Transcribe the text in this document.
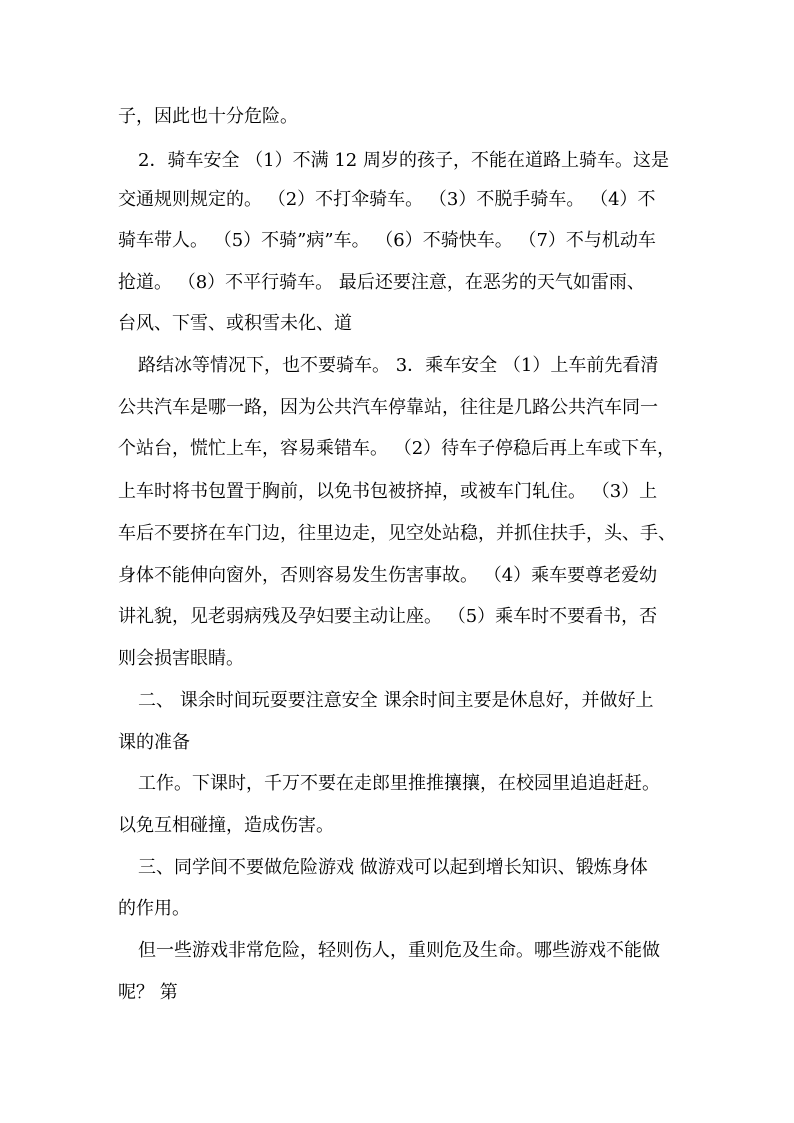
子，因此也十分危险。
2．骑车安全 （1）不满 12 周岁的孩子，不能在道路上骑车。这是
交通规则规定的。 （2）不打伞骑车。 （3）不脱手骑车。 （4）不
骑车带人。 （5）不骑”病”车。 （6）不骑快车。 （7）不与机动车
抢道。 （8）不平行骑车。 最后还要注意，在恶劣的天气如雷雨、
台风、下雪、或积雪未化、道
路结冰等情况下，也不要骑车。 3．乘车安全 （1）上车前先看清
公共汽车是哪一路，因为公共汽车停靠站，往往是几路公共汽车同一
个站台，慌忙上车，容易乘错车。 （2）待车子停稳后再上车或下车，
上车时将书包置于胸前，以免书包被挤掉，或被车门轧住。 （3）上
车后不要挤在车门边，往里边走，见空处站稳，并抓住扶手，头、手、
身体不能伸向窗外，否则容易发生伤害事故。 （4）乘车要尊老爱幼
讲礼貌，见老弱病残及孕妇要主动让座。 （5）乘车时不要看书，否
则会损害眼睛。
二、 课余时间玩耍要注意安全 课余时间主要是休息好，并做好上
课的准备
工作。下课时，千万不要在走郎里推推攘攘，在校园里追追赶赶。
以免互相碰撞，造成伤害。
三、同学间不要做危险游戏 做游戏可以起到增长知识、锻炼身体
的作用。
但一些游戏非常危险，轻则伤人，重则危及生命。哪些游戏不能做
呢？ 第
